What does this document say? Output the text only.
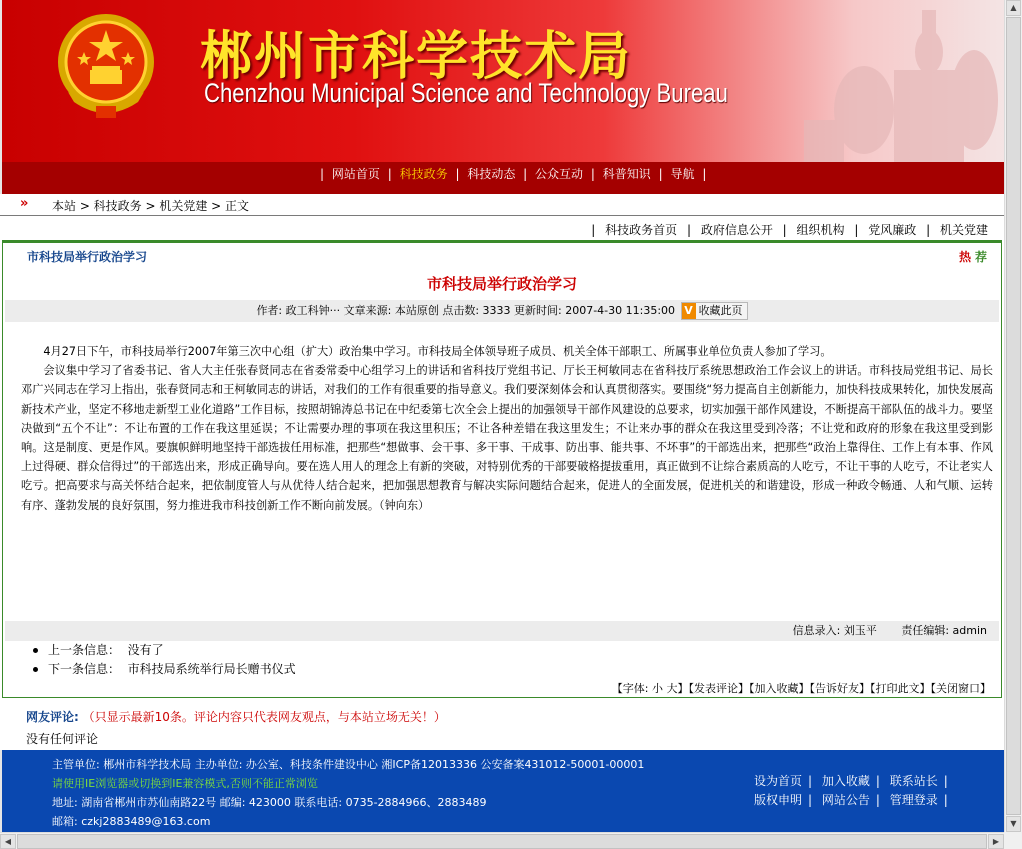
郴州市科学技术局
Chenzhou Municipal Science and Technology Bureau
| 网站首页 | 科技政务 | 科技动态 | 公众互动 | 科普知识 | 导航 |
» 本站 > 科技政务 > 机关党建 > 正文
| 科技政务首页 | 政府信息公开 | 组织机构 | 党风廉政 | 机关党建
市科技局举行政治学习	热荐
市科技局举行政治学习
作者: 政工科钟··· 文章来源: 本站原创 点击数: 3333 更新时间: 2007-4-30 11:35:00 V 收藏此页

4月27日下午，市科技局举行2007年第三次中心组（扩大）政治集中学习。市科技局全体领导班子成员、机关全体干部职工、所属事业单位负责人参加了学习。

会议集中学习了省委书记、省人大主任张春贤同志在省委常委中心组学习上的讲话和省科技厅党组书记、厅长王柯敏同志在省科技厅系统思想政治工作会议上的讲话。市科技局党组书记、局长邓广兴同志在学习上指出，张春贤同志和王柯敏同志的讲话，对我们的工作有很重要的指导意义。我们要深刻体会和认真贯彻落实。要围绕“努力提高自主创新能力，加快科技成果转化，加快发展高新技术产业，坚定不移地走新型工业化道路”工作目标，按照胡锦涛总书记在中纪委第七次全会上提出的加强领导干部作风建设的总要求，切实加强干部作风建设，不断提高干部队伍的战斗力。要坚决做到“五个不让”：不让布置的工作在我这里延误；不让需要办理的事项在我这里积压；不让各种差错在我这里发生；不让来办事的群众在我这里受到冷落；不让党和政府的形象在我这里受到影响。这是制度、更是作风。要旗帜鲜明地坚持干部选拔任用标准，把那些“想做事、会干事、多干事、干成事、防出事、能共事、不坏事”的干部选出来，把那些“政治上靠得住、工作上有本事、作风上过得硬、群众信得过”的干部选出来，形成正确导向。要在选人用人的理念上有新的突破，对特别优秀的干部要破格提拔重用，真正做到不让综合素质高的人吃亏，不让干事的人吃亏，不让老实人吃亏。把高要求与高关怀结合起来，把依制度管人与从优待人结合起来，把加强思想教育与解决实际问题结合起来，促进人的全面发展，促进机关的和谐建设，形成一种政令畅通、人和气顺、运转有序、蓬勃发展的良好氛围，努力推进我市科技创新工作不断向前发展。（钟向东）

信息录入: 刘玉平 责任编辑: admin
上一条信息： 没有了
下一条信息： 市科技局系统举行局长赠书仪式
【字体: 小 大】【发表评论】【加入收藏】【告诉好友】【打印此文】【关闭窗口】
网友评论: （只显示最新10条。评论内容只代表网友观点，与本站立场无关！）
没有任何评论
主管单位: 郴州市科学技术局 主办单位: 办公室、科技条件建设中心 湘ICP备12013336 公安备案431012-50001-00001
请使用IE浏览器或切换到IE兼容模式,否则不能正常浏览
地址: 湖南省郴州市苏仙南路22号 邮编: 423000 联系电话: 0735-2884966、2883489
邮箱: czkj2883489@163.com
设为首页 | 加入收藏 | 联系站长 |
版权申明 | 网站公告 | 管理登录 |
▲
▼
◀	▶
